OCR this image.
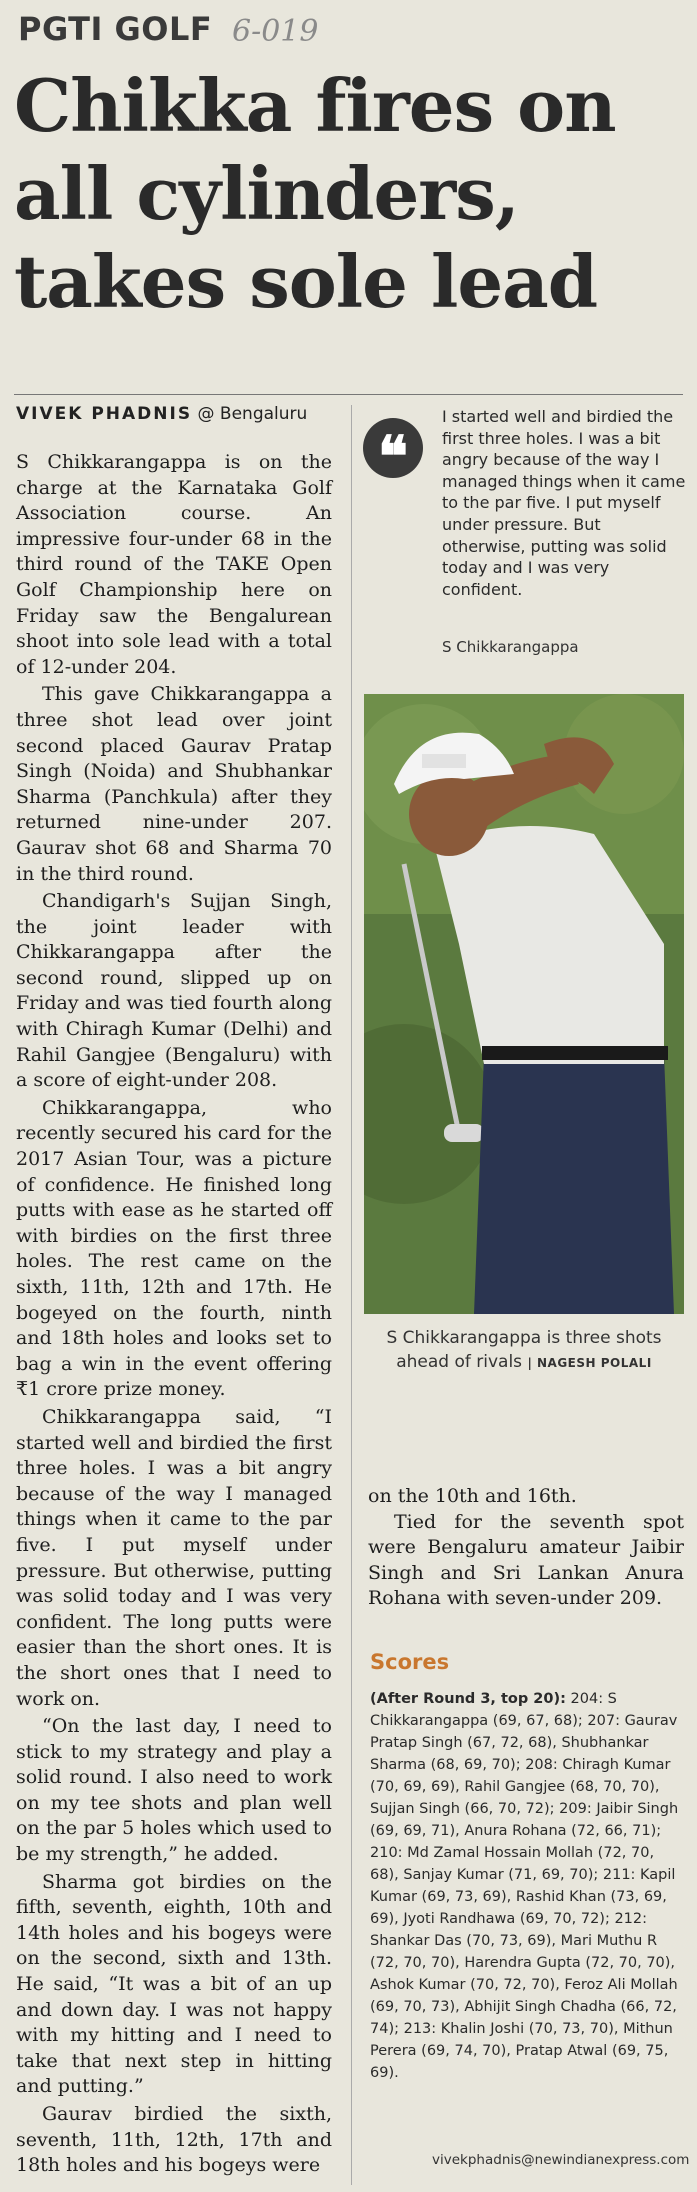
PGTI GOLF 6-019
Chikka fires on all cylinders, takes sole lead
VIVEK PHADNIS @ Bengaluru

S Chikkarangappa is on the charge at the Karnataka Golf Association course. An impressive four-under 68 in the third round of the TAKE Open Golf Championship here on Friday saw the Bengalurean shoot into sole lead with a total of 12-under 204.

This gave Chikkarangappa a three shot lead over joint second placed Gaurav Pratap Singh (Noida) and Shubhankar Sharma (Panchkula) after they returned nine-under 207. Gaurav shot 68 and Sharma 70 in the third round.

Chandigarh's Sujjan Singh, the joint leader with Chikkarangappa after the second round, slipped up on Friday and was tied fourth along with Chiragh Kumar (Delhi) and Rahil Gangjee (Bengaluru) with a score of eight-under 208.

Chikkarangappa, who recently secured his card for the 2017 Asian Tour, was a picture of confidence. He finished long putts with ease as he started off with birdies on the first three holes. The rest came on the sixth, 11th, 12th and 17th. He bogeyed on the fourth, ninth and 18th holes and looks set to bag a win in the event offering ₹1 crore prize money.

Chikkarangappa said, “I started well and birdied the first three holes. I was a bit angry because of the way I managed things when it came to the par five. I put myself under pressure. But otherwise, putting was solid today and I was very confident. The long putts were easier than the short ones. It is the short ones that I need to work on.

“On the last day, I need to stick to my strategy and play a solid round. I also need to work on my tee shots and plan well on the par 5 holes which used to be my strength,” he added.

Sharma got birdies on the fifth, seventh, eighth, 10th and 14th holes and his bogeys were on the second, sixth and 13th. He said, “It was a bit of an up and down day. I was not happy with my hitting and I need to take that next step in hitting and putting.”

Gaurav birdied the sixth, seventh, 11th, 12th, 17th and 18th holes and his bogeys were

❝

I started well and birdied the first three holes. I was a bit angry because of the way I managed things when it came to the par five. I put myself under pressure. But otherwise, putting was solid today and I was very confident.

S Chikkarangappa
S Chikkarangappa is three shots ahead of rivals | NAGESH POLALI

on the 10th and 16th.

Tied for the seventh spot were Bengaluru amateur Jaibir Singh and Sri Lankan Anura Rohana with seven-under 209.

Scores

(After Round 3, top 20): 204: S Chikkarangappa (69, 67, 68); 207: Gaurav Pratap Singh (67, 72, 68), Shubhankar Sharma (68, 69, 70); 208: Chiragh Kumar (70, 69, 69), Rahil Gangjee (68, 70, 70), Sujjan Singh (66, 70, 72); 209: Jaibir Singh (69, 69, 71), Anura Rohana (72, 66, 71); 210: Md Zamal Hossain Mollah (72, 70, 68), Sanjay Kumar (71, 69, 70); 211: Kapil Kumar (69, 73, 69), Rashid Khan (73, 69, 69), Jyoti Randhawa (69, 70, 72); 212: Shankar Das (70, 73, 69), Mari Muthu R (72, 70, 70), Harendra Gupta (72, 70, 70), Ashok Kumar (70, 72, 70), Feroz Ali Mollah (69, 70, 73), Abhijit Singh Chadha (66, 72, 74); 213: Khalin Joshi (70, 73, 70), Mithun Perera (69, 74, 70), Pratap Atwal (69, 75, 69).

vivekphadnis@newindianexpress.com
